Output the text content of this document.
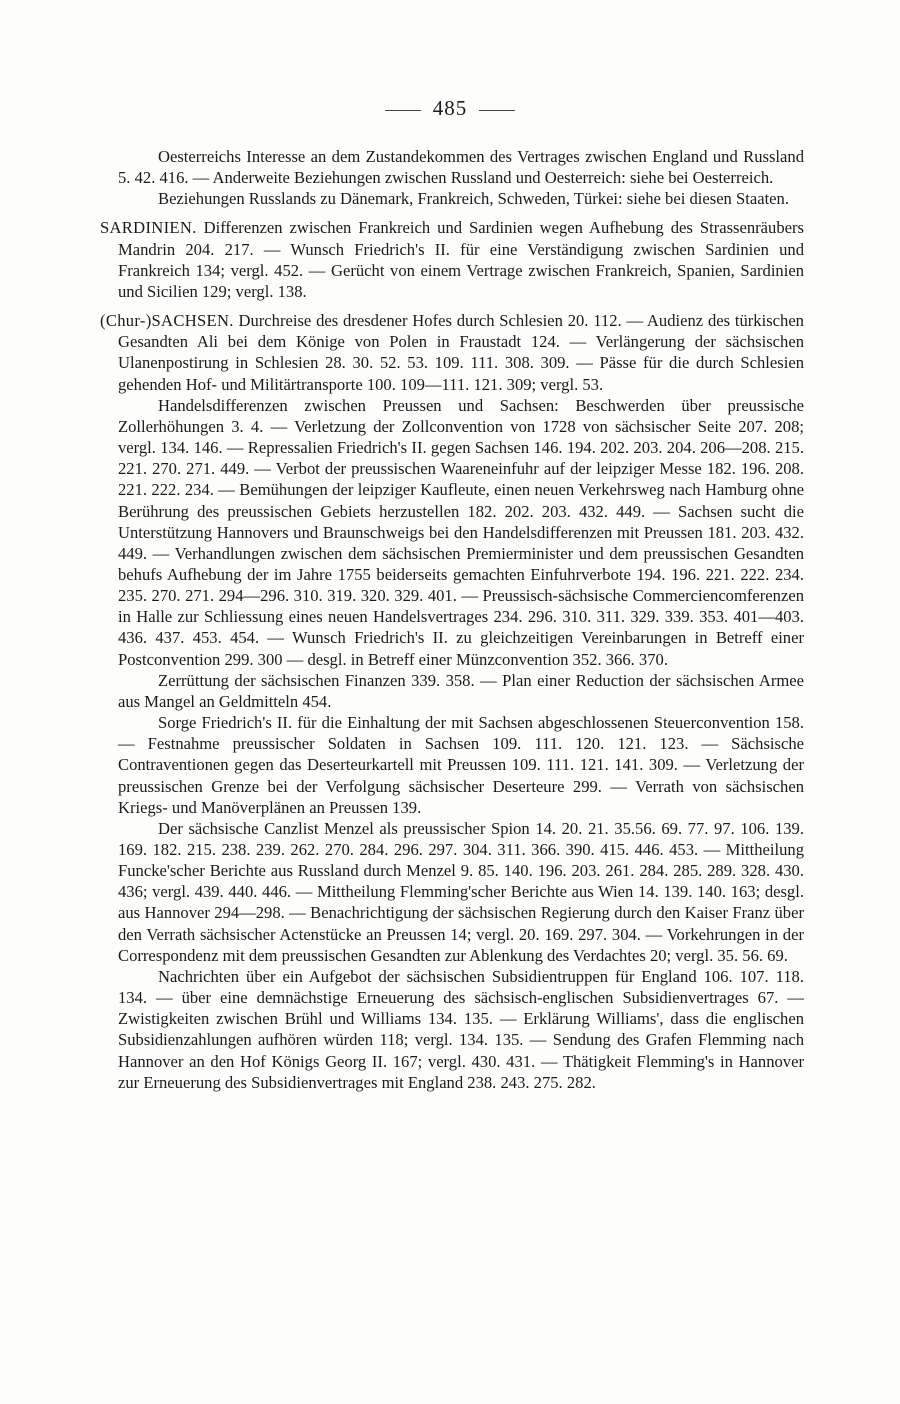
485

Oesterreichs Interesse an dem Zustandekommen des Vertrages zwischen England und Russland 5. 42. 416. — Anderweite Beziehungen zwischen Russland und Oesterreich: siehe bei Oesterreich.

Beziehungen Russlands zu Dänemark, Frankreich, Schweden, Türkei: siehe bei diesen Staaten.

SARDINIEN. Differenzen zwischen Frankreich und Sardinien wegen Aufhebung des Strassenräubers Mandrin 204. 217. — Wunsch Friedrich's II. für eine Verständigung zwischen Sardinien und Frankreich 134; vergl. 452. — Gerücht von einem Vertrage zwischen Frankreich, Spanien, Sardinien und Sicilien 129; vergl. 138.

(Chur-)SACHSEN. Durchreise des dresdener Hofes durch Schlesien 20. 112. — Audienz des türkischen Gesandten Ali bei dem Könige von Polen in Fraustadt 124. — Verlängerung der sächsischen Ulanenpostirung in Schlesien 28. 30. 52. 53. 109. 111. 308. 309. — Pässe für die durch Schlesien gehenden Hof- und Militärtransporte 100. 109—111. 121. 309; vergl. 53.

Handelsdifferenzen zwischen Preussen und Sachsen: Beschwerden über preussische Zollerhöhungen 3. 4. — Verletzung der Zollconvention von 1728 von sächsischer Seite 207. 208; vergl. 134. 146. — Repressalien Friedrich's II. gegen Sachsen 146. 194. 202. 203. 204. 206—208. 215. 221. 270. 271. 449. — Verbot der preussischen Waareneinfuhr auf der leipziger Messe 182. 196. 208. 221. 222. 234. — Bemühungen der leipziger Kaufleute, einen neuen Verkehrsweg nach Hamburg ohne Berührung des preussischen Gebiets herzustellen 182. 202. 203. 432. 449. — Sachsen sucht die Unterstützung Hannovers und Braunschweigs bei den Handelsdifferenzen mit Preussen 181. 203. 432. 449. — Verhandlungen zwischen dem sächsischen Premierminister und dem preussischen Gesandten behufs Aufhebung der im Jahre 1755 beiderseits gemachten Einfuhrverbote 194. 196. 221. 222. 234. 235. 270. 271. 294—296. 310. 319. 320. 329. 401. — Preussisch-sächsische Commerciencomferenzen in Halle zur Schliessung eines neuen Handelsvertrages 234. 296. 310. 311. 329. 339. 353. 401—403. 436. 437. 453. 454. — Wunsch Friedrich's II. zu gleichzeitigen Vereinbarungen in Betreff einer Postconvention 299. 300 — desgl. in Betreff einer Münzconvention 352. 366. 370.

Zerrüttung der sächsischen Finanzen 339. 358. — Plan einer Reduction der sächsischen Armee aus Mangel an Geldmitteln 454.

Sorge Friedrich's II. für die Einhaltung der mit Sachsen abgeschlossenen Steuerconvention 158. — Festnahme preussischer Soldaten in Sachsen 109. 111. 120. 121. 123. — Sächsische Contraventionen gegen das Deserteurkartell mit Preussen 109. 111. 121. 141. 309. — Verletzung der preussischen Grenze bei der Verfolgung sächsischer Deserteure 299. — Verrath von sächsischen Kriegs- und Manöverplänen an Preussen 139.

Der sächsische Canzlist Menzel als preussischer Spion 14. 20. 21. 35.56. 69. 77. 97. 106. 139. 169. 182. 215. 238. 239. 262. 270. 284. 296. 297. 304. 311. 366. 390. 415. 446. 453. — Mittheilung Funcke'scher Berichte aus Russland durch Menzel 9. 85. 140. 196. 203. 261. 284. 285. 289. 328. 430. 436; vergl. 439. 440. 446. — Mittheilung Flemming'scher Berichte aus Wien 14. 139. 140. 163; desgl. aus Hannover 294—298. — Benachrichtigung der sächsischen Regierung durch den Kaiser Franz über den Verrath sächsischer Actenstücke an Preussen 14; vergl. 20. 169. 297. 304. — Vorkehrungen in der Correspondenz mit dem preussischen Gesandten zur Ablenkung des Verdachtes 20; vergl. 35. 56. 69.

Nachrichten über ein Aufgebot der sächsischen Subsidientruppen für England 106. 107. 118. 134. — über eine demnächstige Erneuerung des sächsisch-englischen Subsidienvertrages 67. — Zwistigkeiten zwischen Brühl und Williams 134. 135. — Erklärung Williams', dass die englischen Subsidienzahlungen aufhören würden 118; vergl. 134. 135. — Sendung des Grafen Flemming nach Hannover an den Hof Königs Georg II. 167; vergl. 430. 431. — Thätigkeit Flemming's in Hannover zur Erneuerung des Subsidienvertrages mit England 238. 243. 275. 282.
